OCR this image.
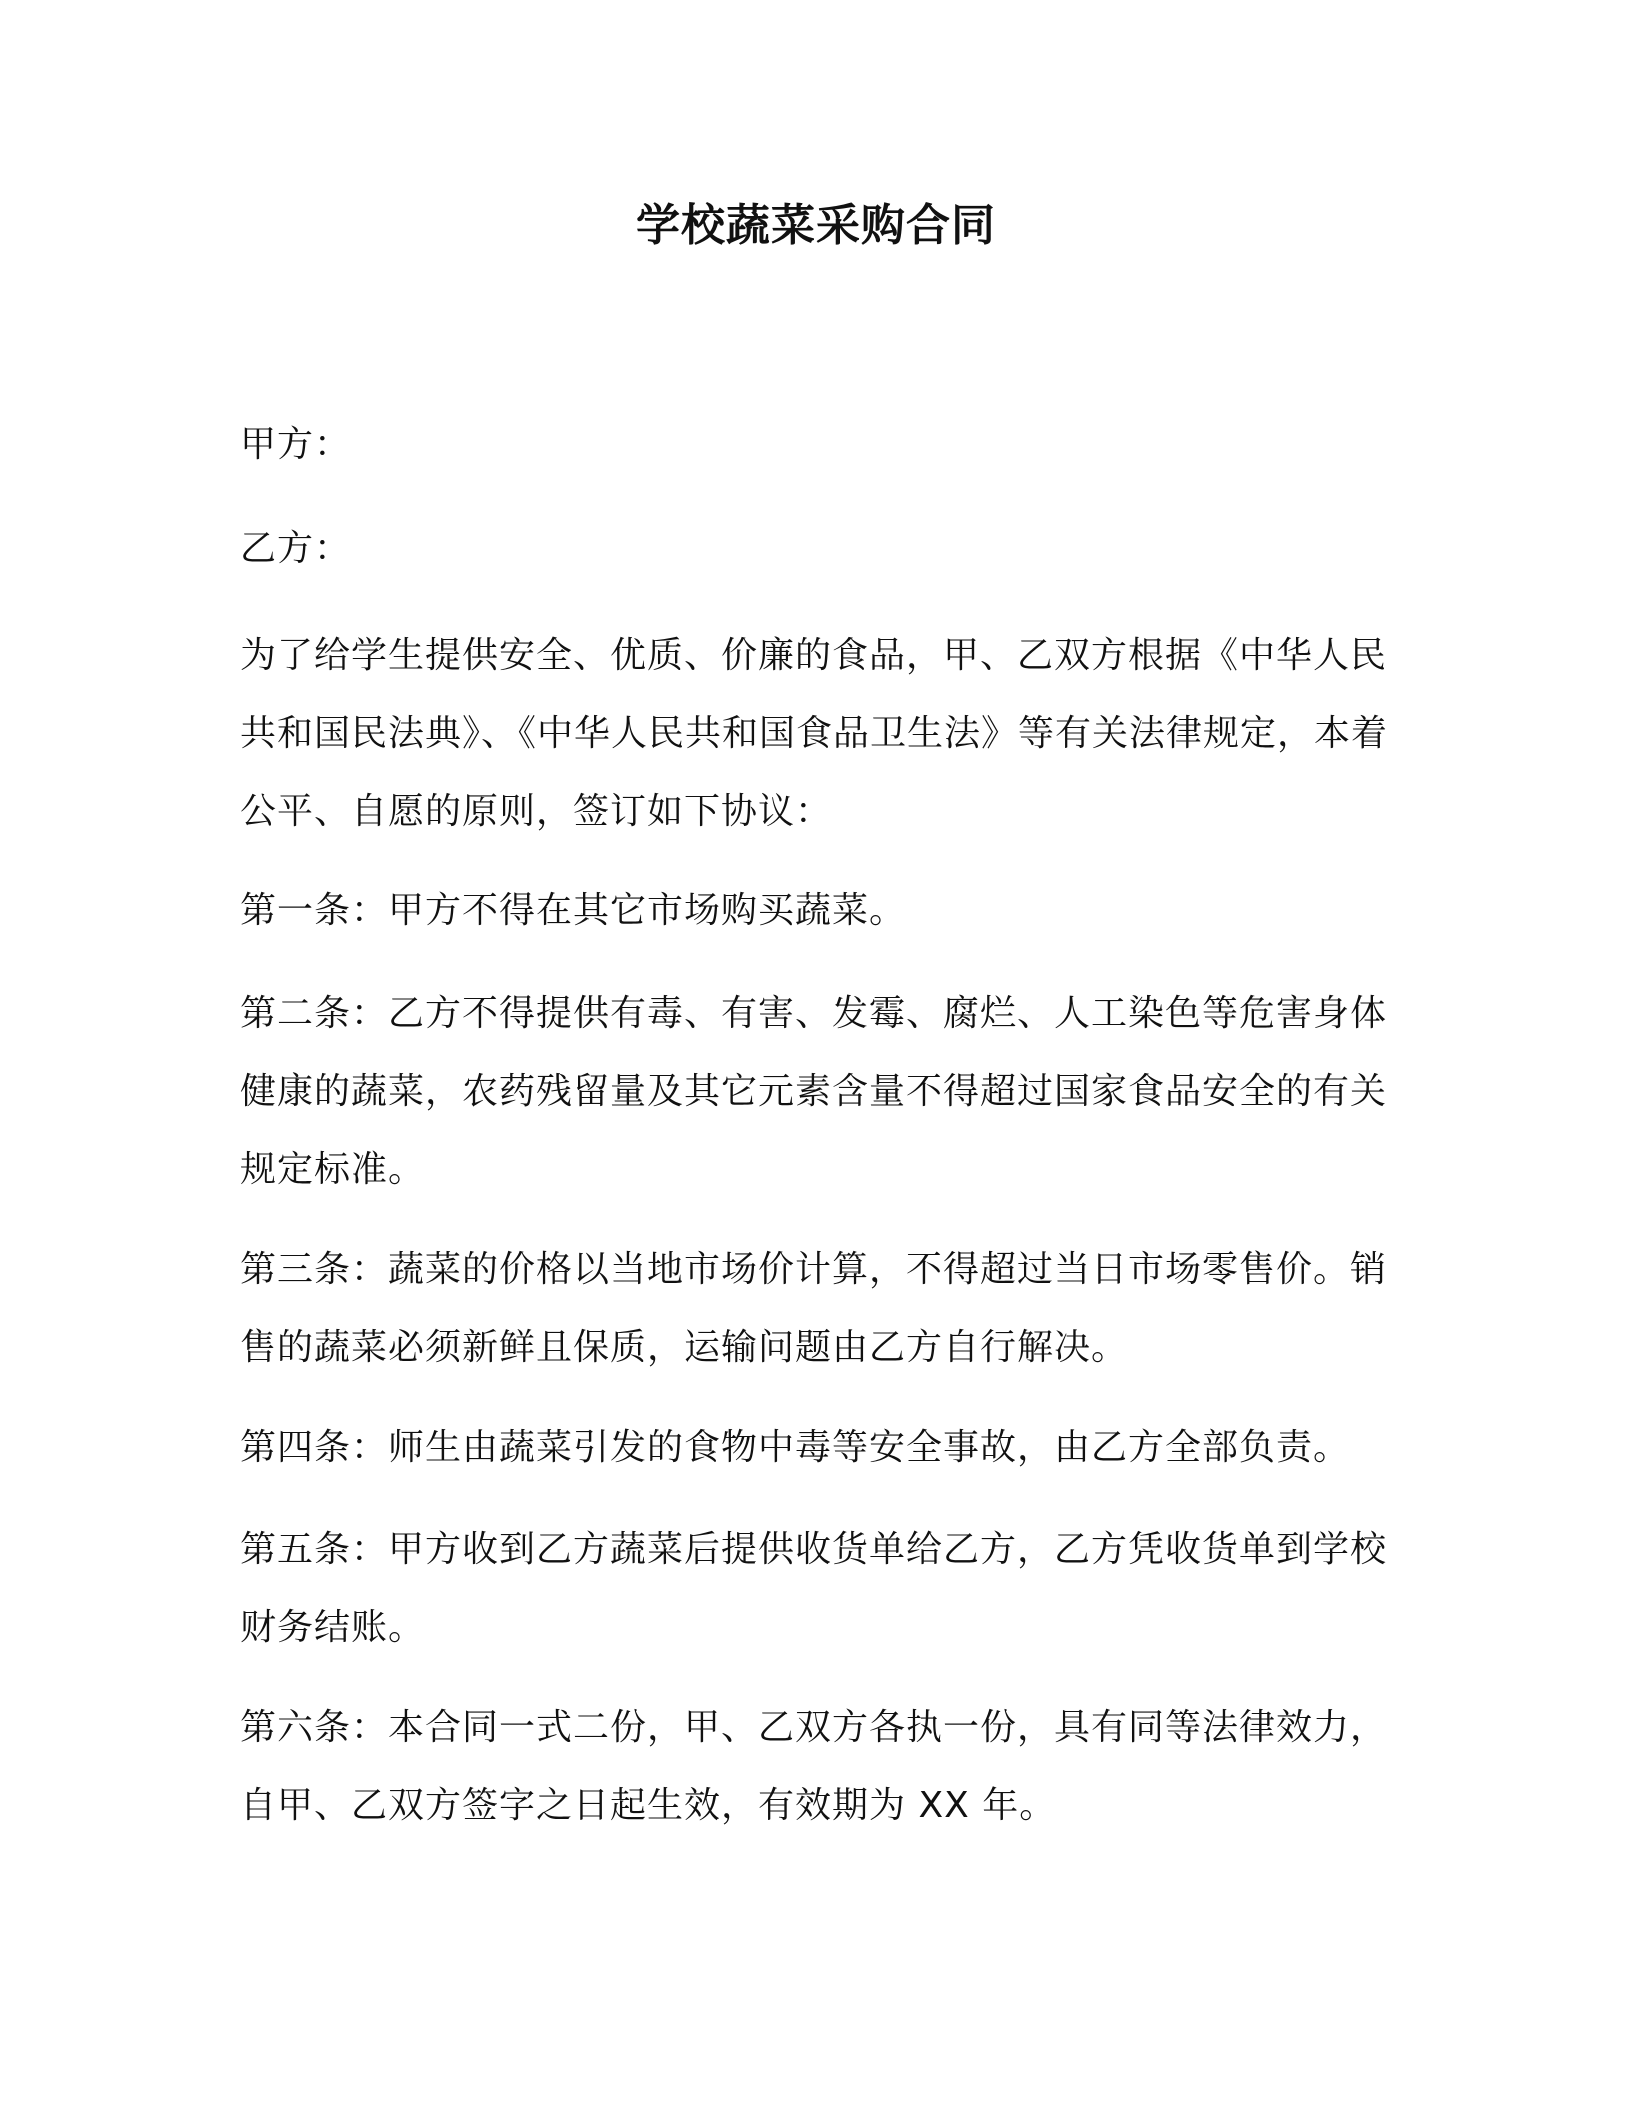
学校蔬菜采购合同
甲方：
乙方：

为了给学生提供安全、优质、价廉的食品，甲、乙双方根据《中华人民共和国民法典》、《中华人民共和国食品卫生法》等有关法律规定，本着公平、自愿的原则，签订如下协议：

第一条：甲方不得在其它市场购买蔬菜。

第二条：乙方不得提供有毒、有害、发霉、腐烂、人工染色等危害身体健康的蔬菜，农药残留量及其它元素含量不得超过国家食品安全的有关规定标准。

第三条：蔬菜的价格以当地市场价计算，不得超过当日市场零售价。销售的蔬菜必须新鲜且保质，运输问题由乙方自行解决。

第四条：师生由蔬菜引发的食物中毒等安全事故，由乙方全部负责。

第五条：甲方收到乙方蔬菜后提供收货单给乙方，乙方凭收货单到学校财务结账。

第六条：本合同一式二份，甲、乙双方各执一份，具有同等法律效力，自甲、乙双方签字之日起生效，有效期为 XX 年。
